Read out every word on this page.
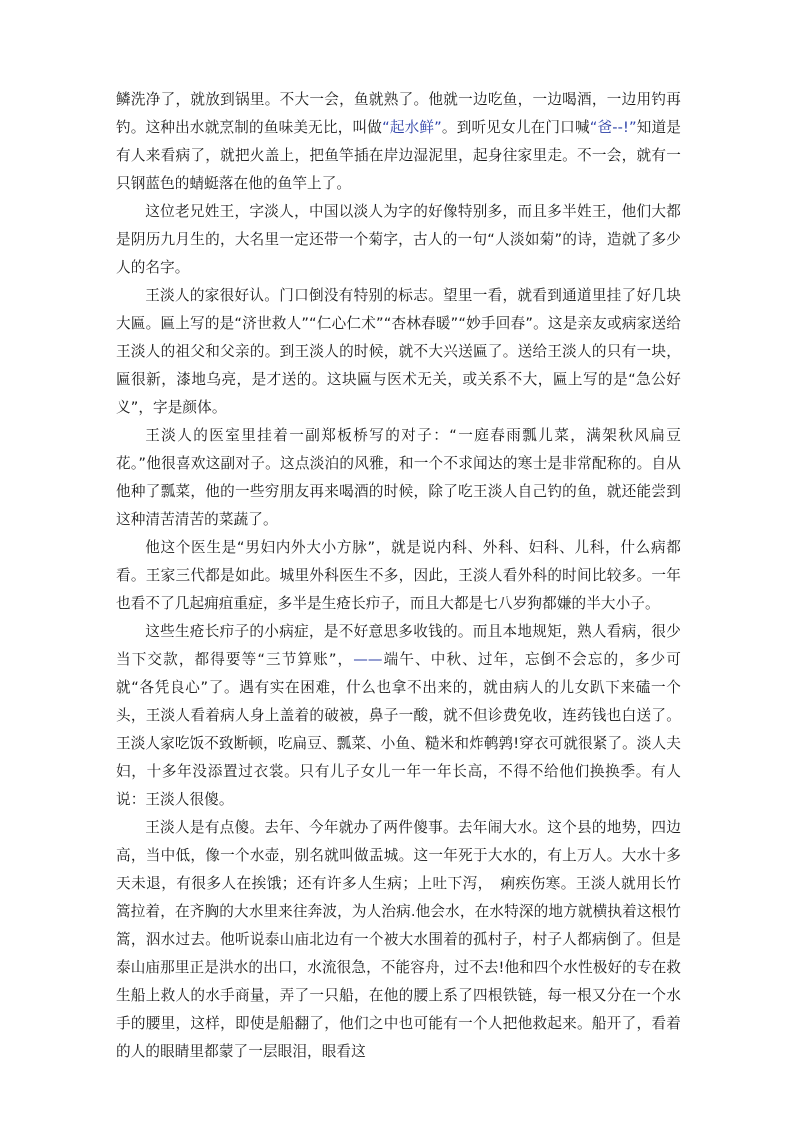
鳞洗净了，就放到锅里。不大一会，鱼就熟了。他就一边吃鱼，一边喝酒，一边用钓再钓。这种出水就烹制的鱼味美无比，叫做“起水鲜”。到听见女儿在门口喊“爸--!”知道是有人来看病了，就把火盖上，把鱼竿插在岸边湿泥里，起身往家里走。不一会，就有一只钢蓝色的蜻蜓落在他的鱼竿上了。

这位老兄姓王，字淡人，中国以淡人为字的好像特别多，而且多半姓王，他们大都是阴历九月生的，大名里一定还带一个菊字，古人的一句“人淡如菊”的诗，造就了多少人的名字。

王淡人的家很好认。门口倒没有特别的标志。望里一看，就看到通道里挂了好几块大匾。匾上写的是“济世救人”“仁心仁术”“杏林春暖”“妙手回春”。这是亲友或病家送给王淡人的祖父和父亲的。到王淡人的时候，就不大兴送匾了。送给王淡人的只有一块，匾很新，漆地乌亮，是才送的。这块匾与医术无关，或关系不大，匾上写的是“急公好义”，字是颜体。

王淡人的医室里挂着一副郑板桥写的对子：“一庭春雨瓢儿菜，满架秋风扁豆花。”他很喜欢这副对子。这点淡泊的风雅，和一个不求闻达的寒士是非常配称的。自从他种了瓢菜，他的一些穷朋友再来喝酒的时候，除了吃王淡人自己钓的鱼，就还能尝到这种清苦清苦的菜蔬了。

他这个医生是“男妇内外大小方脉”，就是说内科、外科、妇科、儿科，什么病都看。王家三代都是如此。城里外科医生不多，因此，王淡人看外科的时间比较多。一年也看不了几起痈疽重症，多半是生疮长疖子，而且大都是七八岁狗都嫌的半大小子。

这些生疮长疖子的小病症，是不好意思多收钱的。而且本地规矩，熟人看病，很少当下交款，都得要等“三节算账”，——端午、中秋、过年，忘倒不会忘的，多少可就“各凭良心”了。遇有实在困难，什么也拿不出来的，就由病人的儿女趴下来磕一个头，王淡人看着病人身上盖着的破被，鼻子一酸，就不但诊费免收，连药钱也白送了。王淡人家吃饭不致断顿，吃扁豆、瓢菜、小鱼、糙米和炸鹌鹑!穿衣可就很紧了。淡人夫妇，十多年没添置过衣裳。只有儿子女儿一年一年长高，不得不给他们换换季。有人说：王淡人很傻。

王淡人是有点傻。去年、今年就办了两件傻事。去年闹大水。这个县的地势，四边高，当中低，像一个水壶，别名就叫做盂城。这一年死于大水的，有上万人。大水十多天未退，有很多人在挨饿；还有许多人生病；上吐下泻，　痢疾伤寒。王淡人就用长竹篙拉着，在齐胸的大水里来往奔波，为人治病.他会水，在水特深的地方就横执着这根竹篙，泅水过去。他听说泰山庙北边有一个被大水围着的孤村子，村子人都病倒了。但是泰山庙那里正是洪水的出口，水流很急，不能容舟，过不去!他和四个水性极好的专在救生船上救人的水手商量，弄了一只船，在他的腰上系了四根铁链，每一根又分在一个水手的腰里，这样，即使是船翻了，他们之中也可能有一个人把他救起来。船开了，看着的人的眼睛里都蒙了一层眼泪，眼看这
